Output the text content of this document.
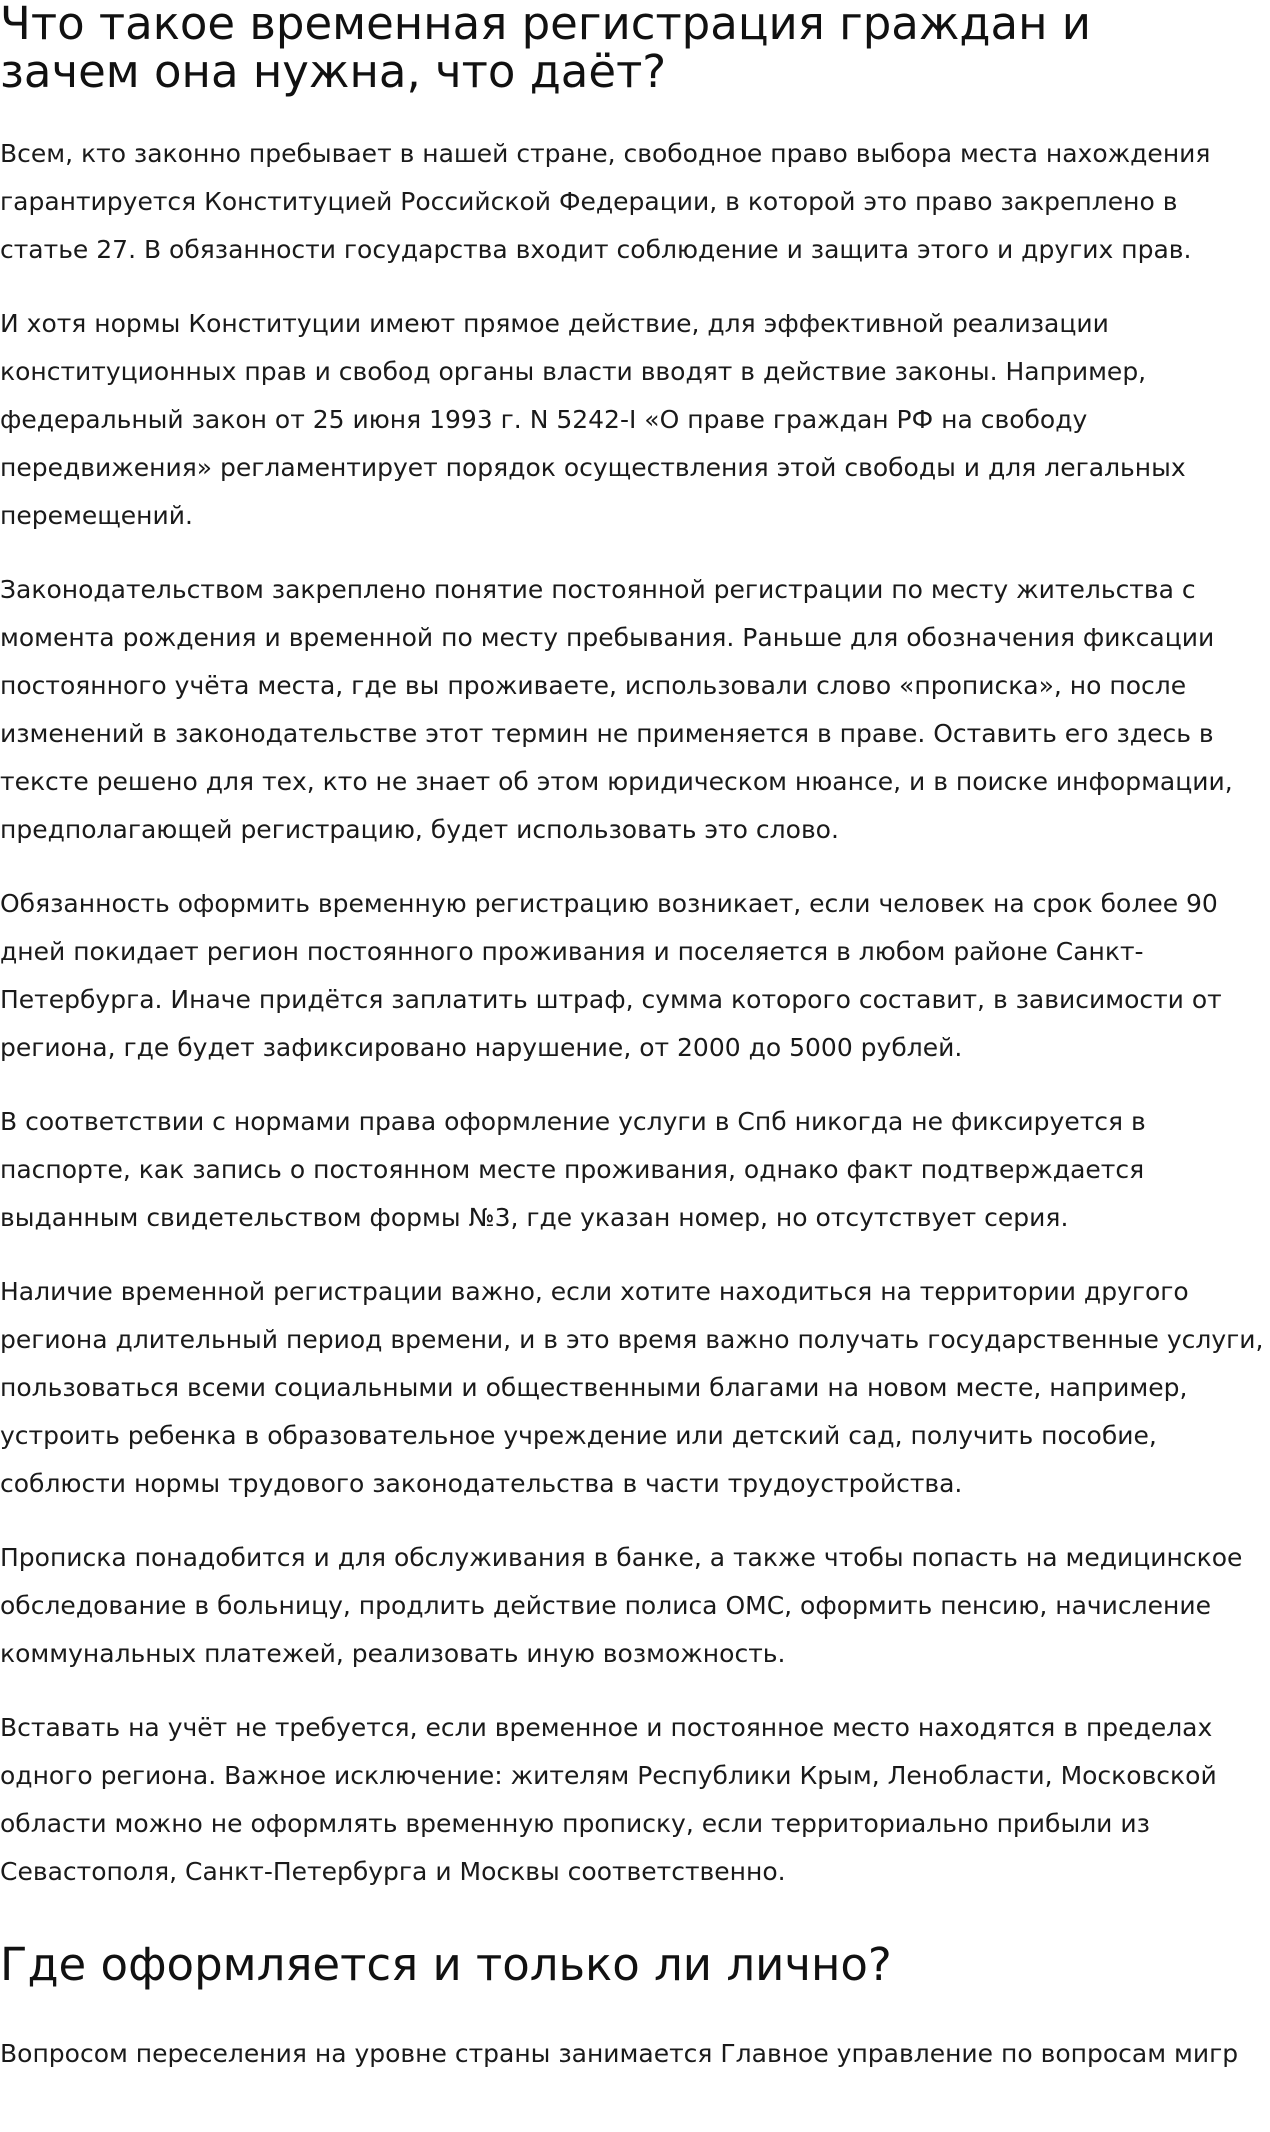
Что такое временная регистрация граждан и зачем она нужна, что даёт?

Всем, кто законно пребывает в нашей стране, свободное право выбора места нахождения гарантируется Конституцией Российской Федерации, в которой это право закреплено в статье 27. В обязанности государства входит соблюдение и защита этого и других прав.

И хотя нормы Конституции имеют прямое действие, для эффективной реализации конституционных прав и свобод органы власти вводят в действие законы. Например, федеральный закон от 25 июня 1993 г. N 5242-I «О праве граждан РФ на свободу передвижения» регламентирует порядок осуществления этой свободы и для легальных перемещений.

Законодательством закреплено понятие постоянной регистрации по месту жительства с момента рождения и временной по месту пребывания. Раньше для обозначения фиксации постоянного учёта места, где вы проживаете, использовали слово «прописка», но после изменений в законодательстве этот термин не применяется в праве. Оставить его здесь в тексте решено для тех, кто не знает об этом юридическом нюансе, и в поиске информации, предполагающей регистрацию, будет использовать это слово.

Обязанность оформить временную регистрацию возникает, если человек на срок более 90 дней покидает регион постоянного проживания и поселяется в любом районе Санкт-Петербурга. Иначе придётся заплатить штраф, сумма которого составит, в зависимости от региона, где будет зафиксировано нарушение, от 2000 до 5000 рублей.

В соответствии с нормами права оформление услуги в Спб никогда не фиксируется в паспорте, как запись о постоянном месте проживания, однако факт подтверждается выданным свидетельством формы №3, где указан номер, но отсутствует серия.

Наличие временной регистрации важно, если хотите находиться на территории другого региона длительный период времени, и в это время важно получать государственные услуги, пользоваться всеми социальными и общественными благами на новом месте, например, устроить ребенка в образовательное учреждение или детский сад, получить пособие, соблюсти нормы трудового законодательства в части трудоустройства.

Прописка понадобится и для обслуживания в банке, а также чтобы попасть на медицинское обследование в больницу, продлить действие полиса ОМС, оформить пенсию, начисление коммунальных платежей, реализовать иную возможность.

Вставать на учёт не требуется, если временное и постоянное место находятся в пределах одного региона. Важное исключение: жителям Республики Крым, Ленобласти, Московской области можно не оформлять временную прописку, если территориально прибыли из Севастополя, Санкт-Петербурга и Москвы соответственно.

Где оформляется и только ли лично?

Вопросом переселения на уровне страны занимается Главное управление по вопросам мигр
